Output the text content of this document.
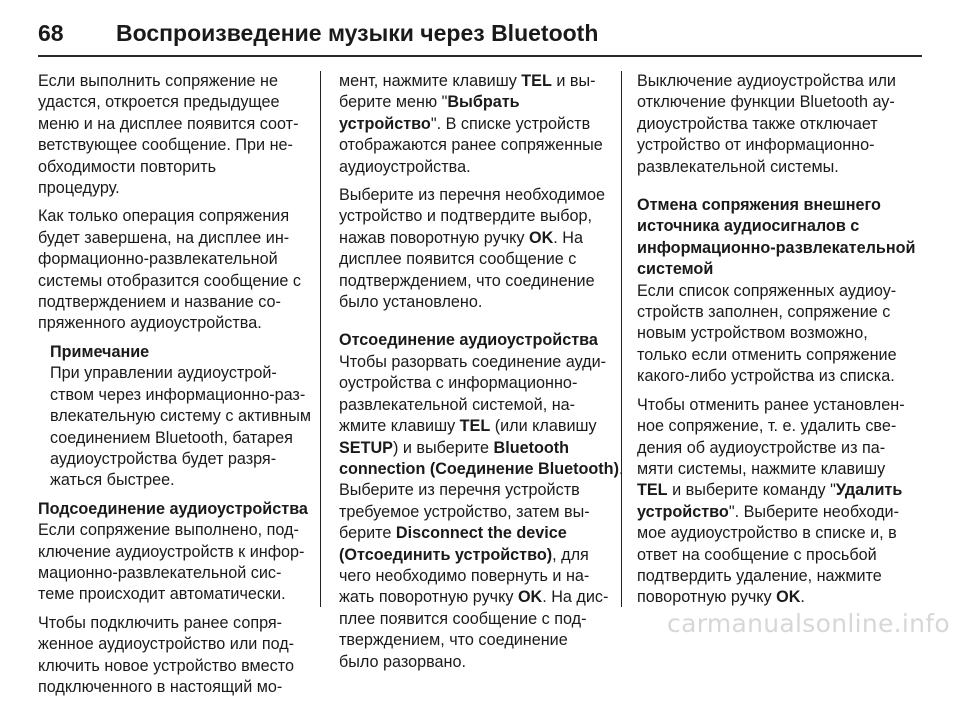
68 Воспроизведение музыки через Bluetooth

Если выполнить сопряжение не
удастся, откроется предыдущее
меню и на дисплее появится соот-
ветствующее сообщение. При не-
обходимости повторить
процедуру.

Как только операция сопряжения
будет завершена, на дисплее ин-
формационно-развлекательной
системы отобразится сообщение с
подтверждением и название со-
пряженного аудиоустройства.

Примечание

При управлении аудиоустрой-
ством через информационно-раз-
влекательную систему с активным
соединением Bluetooth, батарея
аудиоустройства будет разря-
жаться быстрее.

Подсоединение аудиоустройства

Если сопряжение выполнено, под-
ключение аудиоустройств к инфор-
мационно-развлекательной сис-
теме происходит автоматически.

Чтобы подключить ранее сопря-
женное аудиоустройство или под-
ключить новое устройство вместо
подключенного в настоящий мо-

мент, нажмите клавишу TEL и вы-
берите меню "Выбрать
устройство". В списке устройств
отображаются ранее сопряженные
аудиоустройства.

Выберите из перечня необходимое
устройство и подтвердите выбор,
нажав поворотную ручку OK. На
дисплее появится сообщение с
подтверждением, что соединение
было установлено.

Отсоединение аудиоустройства

Чтобы разорвать соединение ауди-
оустройства с информационно-
развлекательной системой, на-
жмите клавишу TEL (или клавишу
SETUP) и выберите Bluetooth
connection (Соединение Bluetooth).
Выберите из перечня устройств
требуемое устройство, затем вы-
берите Disconnect the device
(Отсоединить устройство), для
чего необходимо повернуть и на-
жать поворотную ручку OK. На дис-
плее появится сообщение с под-
тверждением, что соединение
было разорвано.

Выключение аудиоустройства или
отключение функции Bluetooth ау-
диоустройства также отключает
устройство от информационно-
развлекательной системы.

Отмена сопряжения внешнего
источника аудиосигналов с
информационно-развлекательной
системой

Если список сопряженных аудиоу-
стройств заполнен, сопряжение с
новым устройством возможно,
только если отменить сопряжение
какого-либо устройства из списка.

Чтобы отменить ранее установлен-
ное сопряжение, т. е. удалить све-
дения об аудиоустройстве из па-
мяти системы, нажмите клавишу
TEL и выберите команду "Удалить
устройство". Выберите необходи-
мое аудиоустройство в списке и, в
ответ на сообщение с просьбой
подтвердить удаление, нажмите
поворотную ручку OK.

carmanualsonline.info
